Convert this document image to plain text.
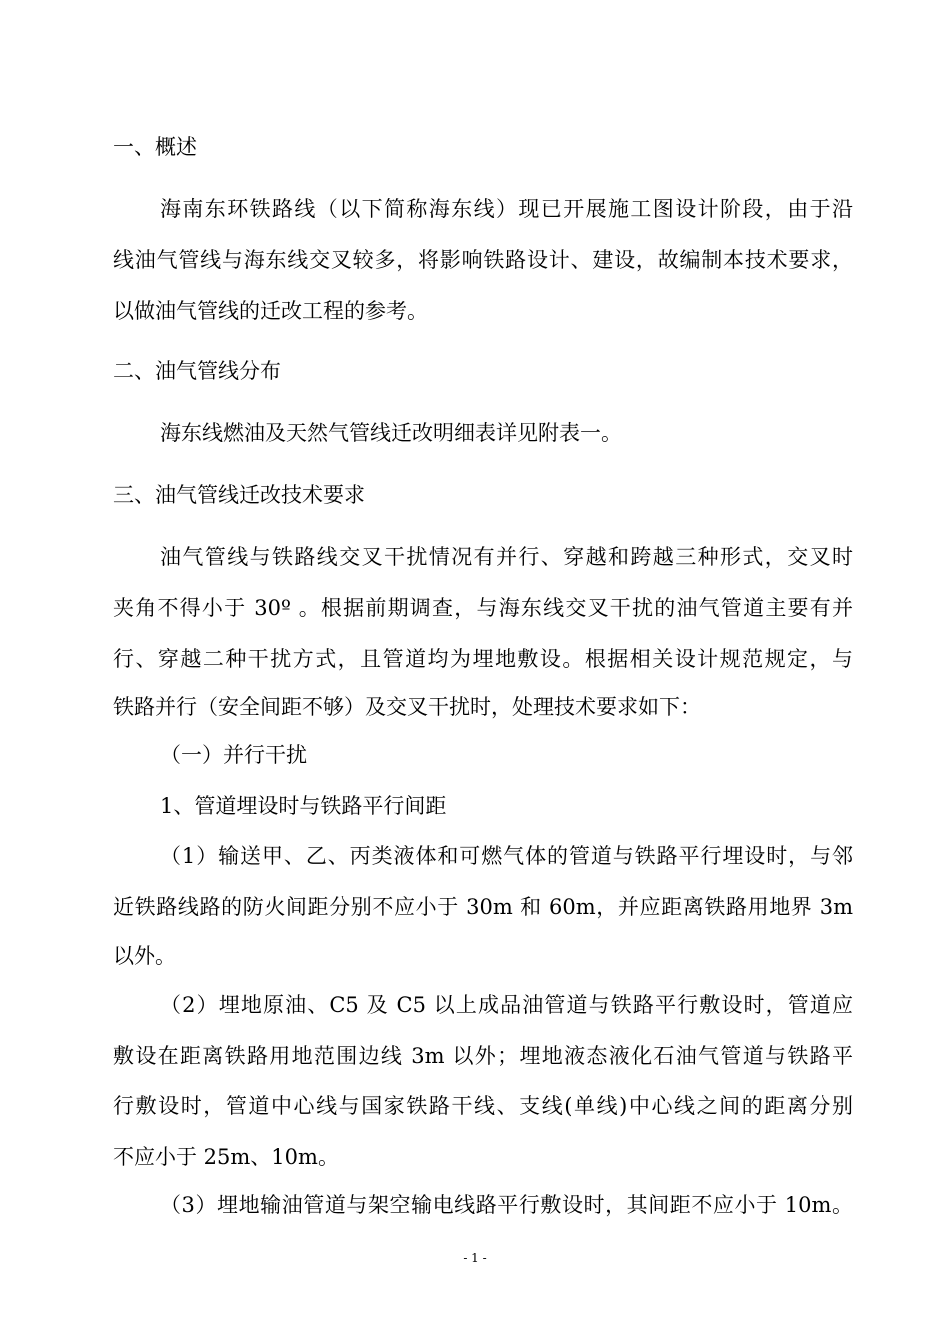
一、概述
海南东环铁路线（以下简称海东线）现已开展施工图设计阶段，由于沿
线油气管线与海东线交叉较多，将影响铁路设计、建设，故编制本技术要求，
以做油气管线的迁改工程的参考。
二、油气管线分布
海东线燃油及天然气管线迁改明细表详见附表一。
三、油气管线迁改技术要求
油气管线与铁路线交叉干扰情况有并行、穿越和跨越三种形式，交叉时
夹角不得小于 30º 。根据前期调查，与海东线交叉干扰的油气管道主要有并
行、穿越二种干扰方式，且管道均为埋地敷设。根据相关设计规范规定，与
铁路并行（安全间距不够）及交叉干扰时，处理技术要求如下：
（一）并行干扰
1、管道埋设时与铁路平行间距
（1）输送甲、乙、丙类液体和可燃气体的管道与铁路平行埋设时，与邻
近铁路线路的防火间距分别不应小于 30m 和 60m，并应距离铁路用地界 3m
以外。
（2）埋地原油、C5 及 C5 以上成品油管道与铁路平行敷设时，管道应
敷设在距离铁路用地范围边线 3m 以外；埋地液态液化石油气管道与铁路平
行敷设时，管道中心线与国家铁路干线、支线(单线)中心线之间的距离分别
不应小于 25m、10m。
（3）埋地输油管道与架空输电线路平行敷设时，其间距不应小于 10m。
- 1 -
